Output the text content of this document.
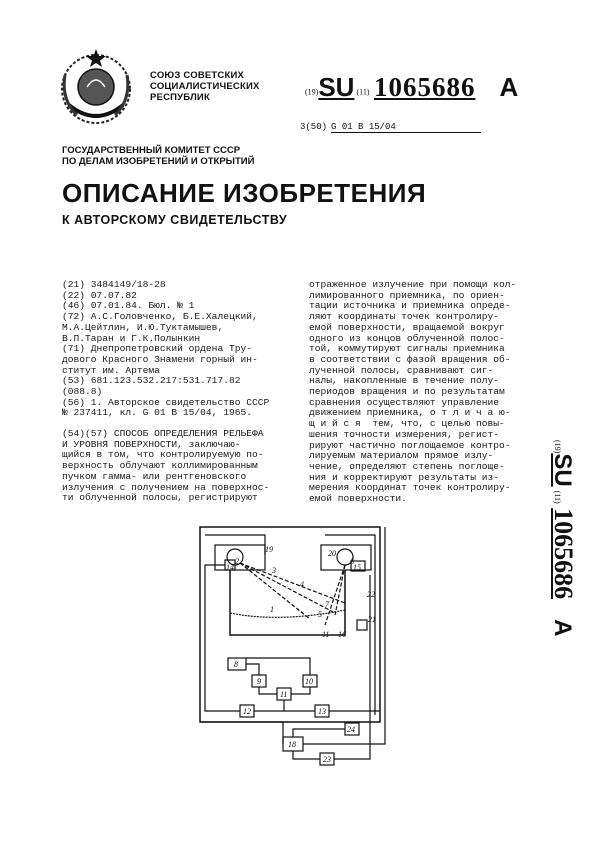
СОЮЗ СОВЕТСКИХ
СОЦИАЛИСТИЧЕСКИХ
РЕСПУБЛИК
(19)SU (11) 1065686 A
3(50) G 01 B 15/04
ГОСУДАРСТВЕННЫЙ КОМИТЕТ СССР
ПО ДЕЛАМ ИЗОБРЕТЕНИЙ И ОТКРЫТИЙ
ОПИСАНИЕ ИЗОБРЕТЕНИЯ
К АВТОРСКОМУ СВИДЕТЕЛЬСТВУ
(21) 3484149/18-28
(22) 07.07.82
(46) 07.01.84. Бюл. № 1
(72) А.С.Головченко, Б.Е.Халецкий,
М.А.Цейтлин, И.Ю.Туктамышев,
В.П.Таран и Г.К.Полынкин
(71) Днепропетровский ордена Тру-
дового Красного Знамени горный ин-
ститут им. Артема
(53) 681.123.532.217:531.717.82
(088.8)
(56) 1. Авторское свидетельство СССР
№ 237411, кл. G 01 B 15/04, 1965.
(54)(57) СПОСОБ ОПРЕДЕЛЕНИЯ РЕЛЬЕФА
И УРОВНЯ ПОВЕРХНОСТИ, заключаю-
щийся в том, что контролируемую по-
верхность облучают коллимированным
пучком гамма- или рентгеновского
излучения с получением на поверхнос-
ти облученной полосы, регистрируют
отраженное излучение при помощи кол-
лимированного приемника, по ориен-
тации источника и приемника опреде-
ляют координаты точек контролиру-
емой поверхности, вращаемой вокруг
одного из концов облученной полос-
той, коммутируют сигналы приемника
в соответствии с фазой вращения об-
лученной полосы, сравнивают сиг-
налы, накопленные в течение полу-
периодов вращения и по результатам
сравнения осуществляют управление
движением приемника, о т л и ч а ю-
щ и й с я  тем, что, с целью повы-
шения точности измерения, регист-
рируют частично поглощаемое контро-
лируемым материалом прямое излу-
чение, определяют степень поглоще-
ния и корректируют результаты из-
мерения координат точек контролиру-
емой поверхности.
(19)SU(11) 1065686A
19	20
3
4
1
5
7
11 16
22
21
2	6
14	15
8
9	10
11
12	13
24
18
23
